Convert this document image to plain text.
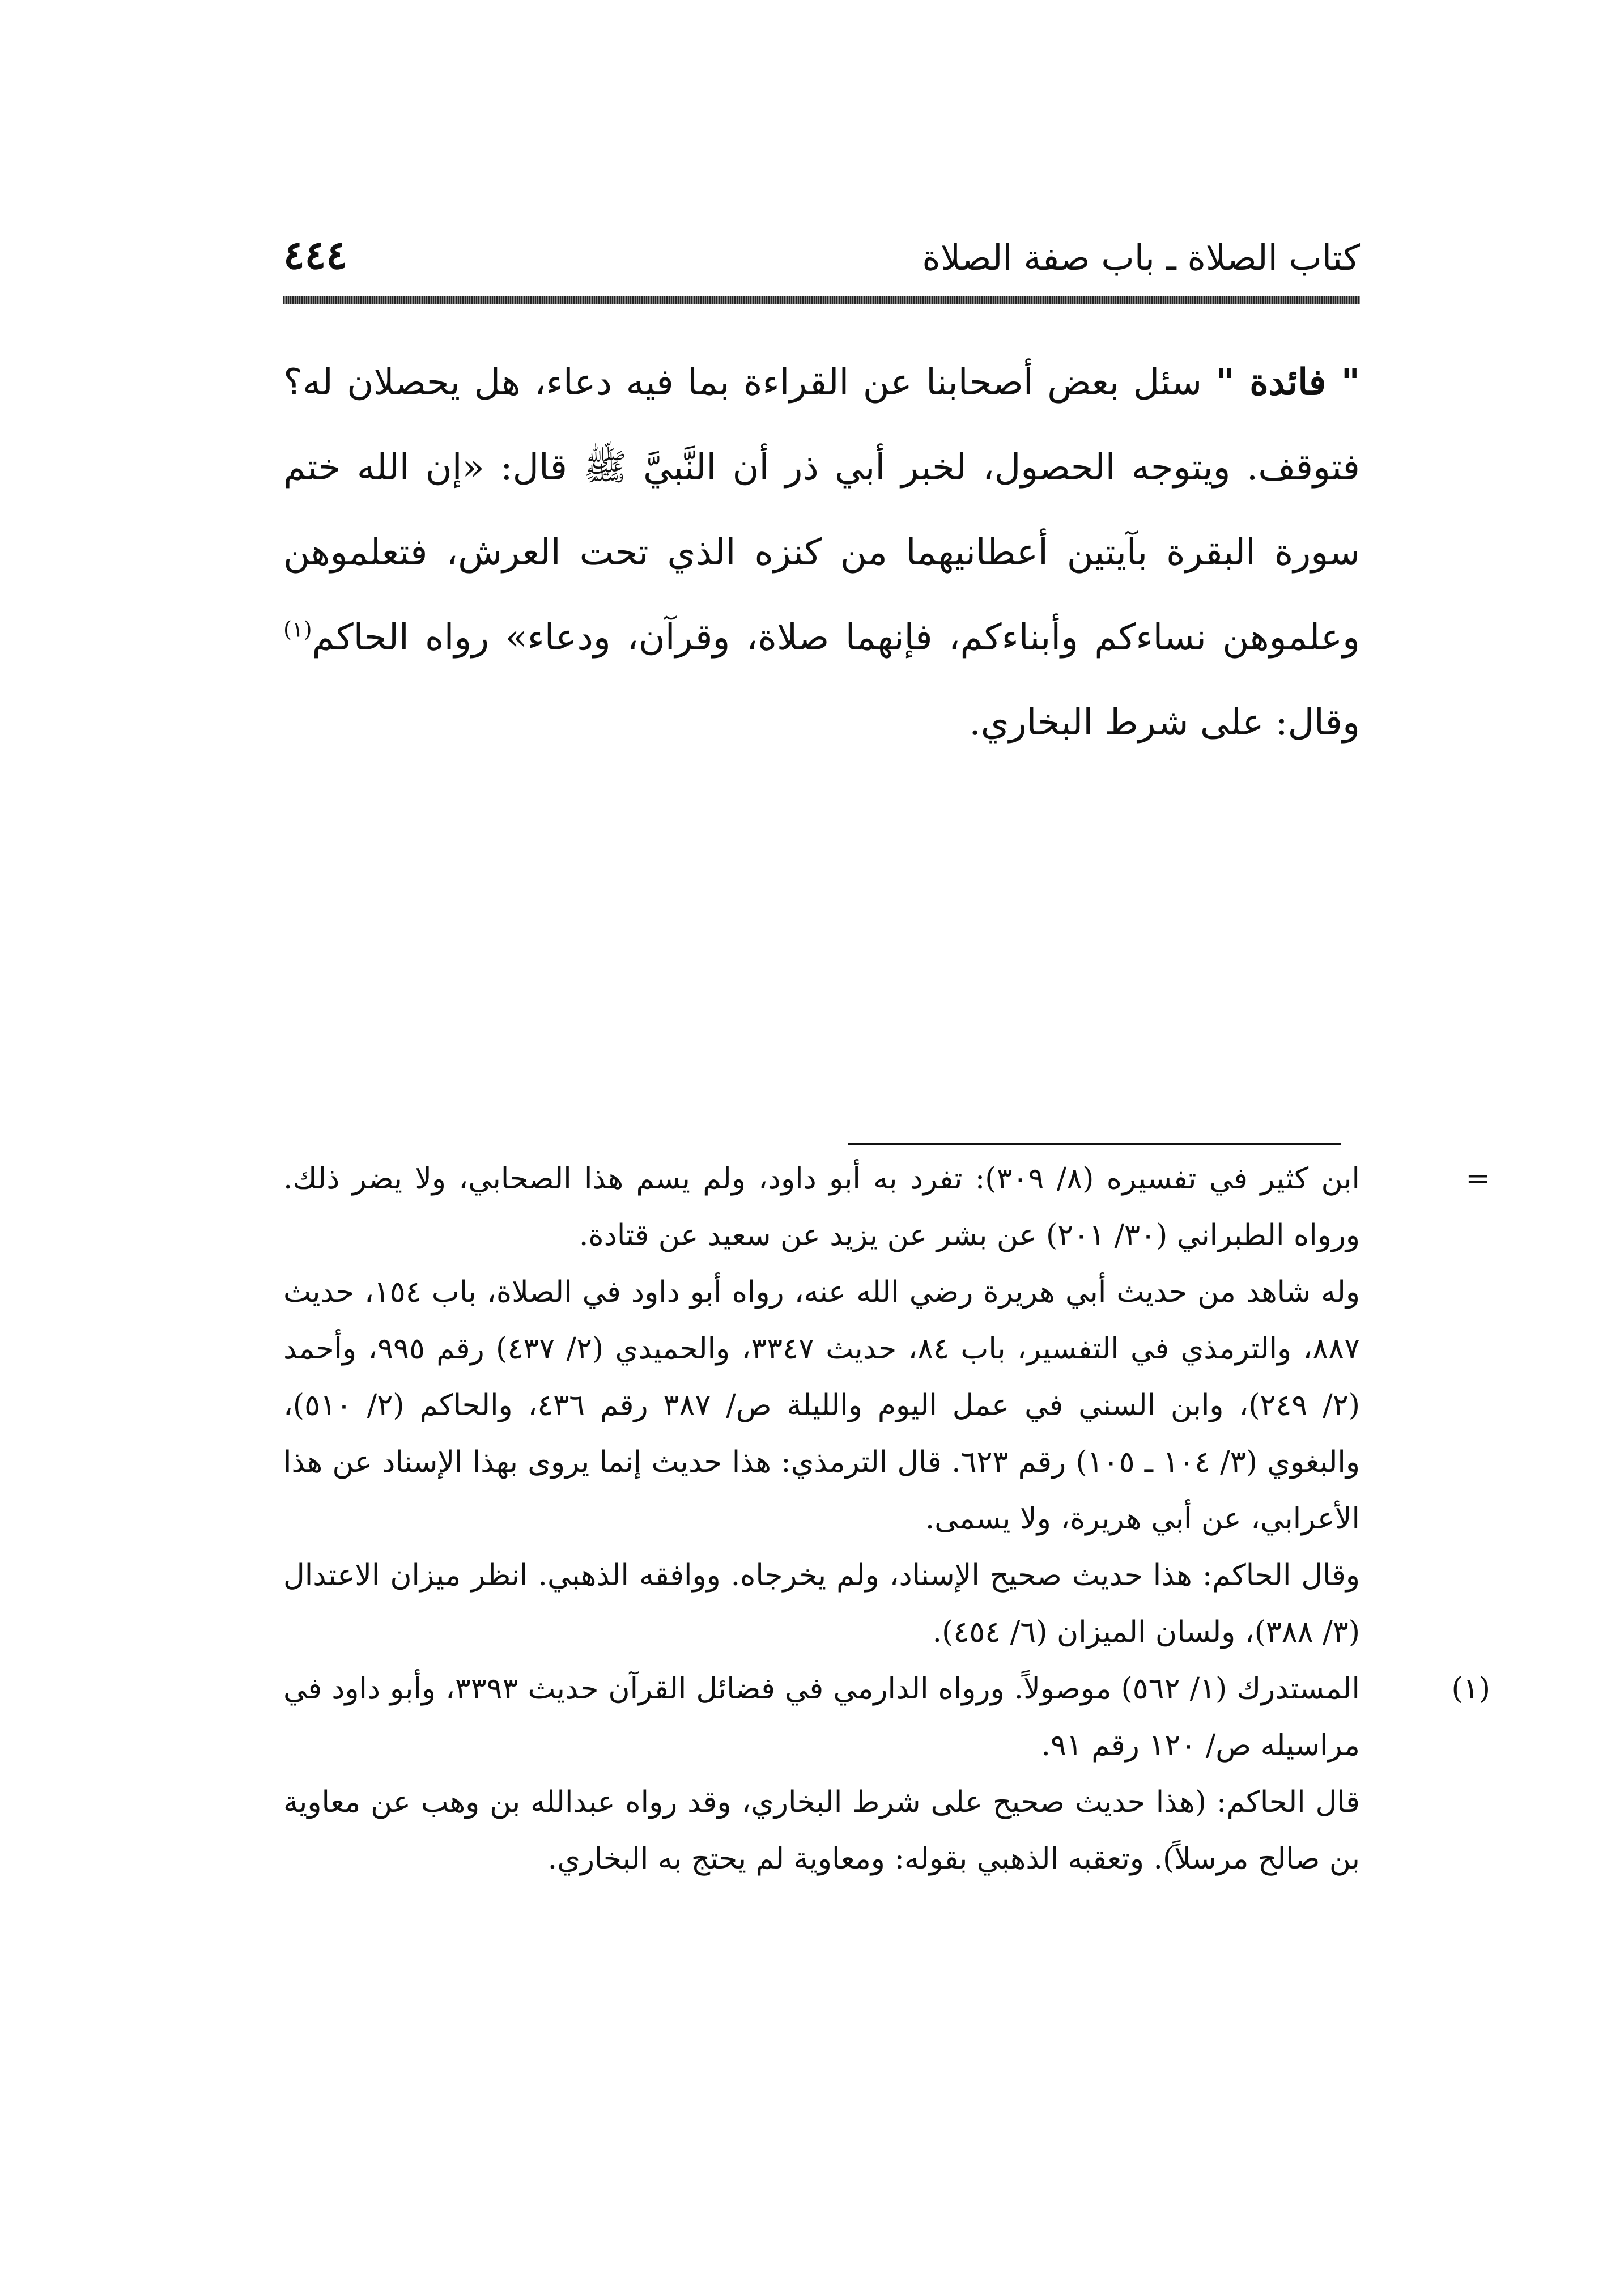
كتاب الصلاة ـ باب صفة الصلاة
٤٤٤

" فائدة " سئل بعض أصحابنا عن القراءة بما فيه دعاء، هل يحصلان له؟ فتوقف. ويتوجه الحصول، لخبر أبي ذر أن النَّبيَّ ﷺ قال: «إن الله ختم سورة البقرة بآيتين أعطانيهما من كنزه الذي تحت العرش، فتعلموهن وعلموهن نساءكم وأبناءكم، فإنهما صلاة، وقرآن، ودعاء» رواه الحاكم$^{(١)}$ وقال: على شرط البخاري.

=

ابن كثير في تفسيره (٨/ ٣٠٩): تفرد به أبو داود، ولم يسم هذا الصحابي، ولا يضر ذلك. ورواه الطبراني (٣٠/ ٢٠١) عن بشر عن يزيد عن سعيد عن قتادة.

وله شاهد من حديث أبي هريرة رضي الله عنه، رواه أبو داود في الصلاة، باب ١٥٤، حديث ٨٨٧، والترمذي في التفسير، باب ٨٤، حديث ٣٣٤٧، والحميدي (٢/ ٤٣٧) رقم ٩٩٥، وأحمد (٢/ ٢٤٩)، وابن السني في عمل اليوم والليلة ص/ ٣٨٧ رقم ٤٣٦، والحاكم (٢/ ٥١٠)، والبغوي (٣/ ١٠٤ ـ ١٠٥) رقم ٦٢٣. قال الترمذي: هذا حديث إنما يروى بهذا الإسناد عن هذا الأعرابي، عن أبي هريرة، ولا يسمى.

وقال الحاكم: هذا حديث صحيح الإسناد، ولم يخرجاه. ووافقه الذهبي. انظر ميزان الاعتدال (٣/ ٣٨٨)، ولسان الميزان (٦/ ٤٥٤).

(١)

المستدرك (١/ ٥٦٢) موصولاً. ورواه الدارمي في فضائل القرآن حديث ٣٣٩٣، وأبو داود في مراسيله ص/ ١٢٠ رقم ٩١.

قال الحاكم: (هذا حديث صحيح على شرط البخاري، وقد رواه عبدالله بن وهب عن معاوية بن صالح مرسلاً). وتعقبه الذهبي بقوله: ومعاوية لم يحتج به البخاري.
